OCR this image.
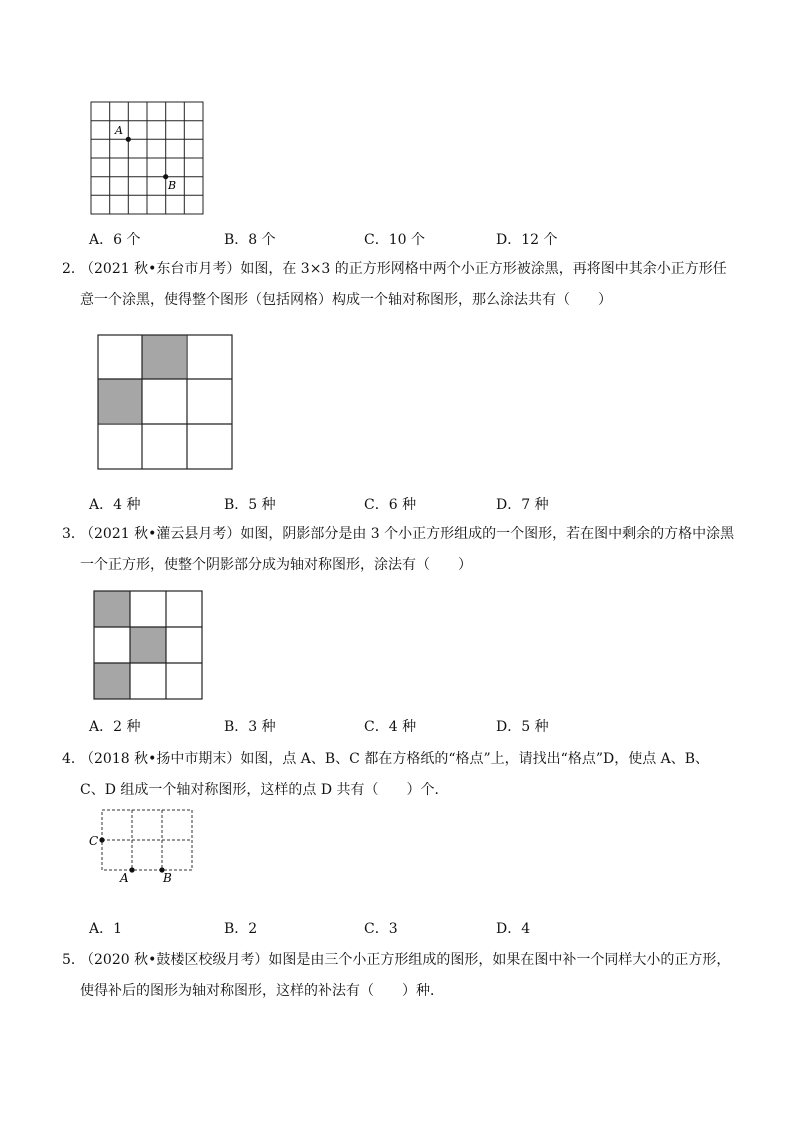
A
B
A．6 个	B．8 个	C．10 个	D．12 个
2．
（2021 秋•东台市月考）如图，在 3×3 的正方形网格中两个小正方形被涂黑，再将图中其余小正方形任
意一个涂黑，使得整个图形（包括网格）构成一个轴对称图形，那么涂法共有（　　）
A．4 种	B．5 种	C．6 种	D．7 种
3．
（2021 秋•灌云县月考）如图，阴影部分是由 3 个小正方形组成的一个图形，若在图中剩余的方格中涂黑
一个正方形，使整个阴影部分成为轴对称图形，涂法有（　　）
A．2 种	B．3 种	C．4 种	D．5 种
4．
（2018 秋•扬中市期末）如图，点 A、B、C 都在方格纸的“格点”上，请找出“格点”D，使点 A、B、
C、D 组成一个轴对称图形，这样的点 D 共有（　　）个．
C
A	B
A．1	B．2	C．3	D．4
5．
（2020 秋•鼓楼区校级月考）如图是由三个小正方形组成的图形，如果在图中补一个同样大小的正方形，
使得补后的图形为轴对称图形，这样的补法有（　　）种．
